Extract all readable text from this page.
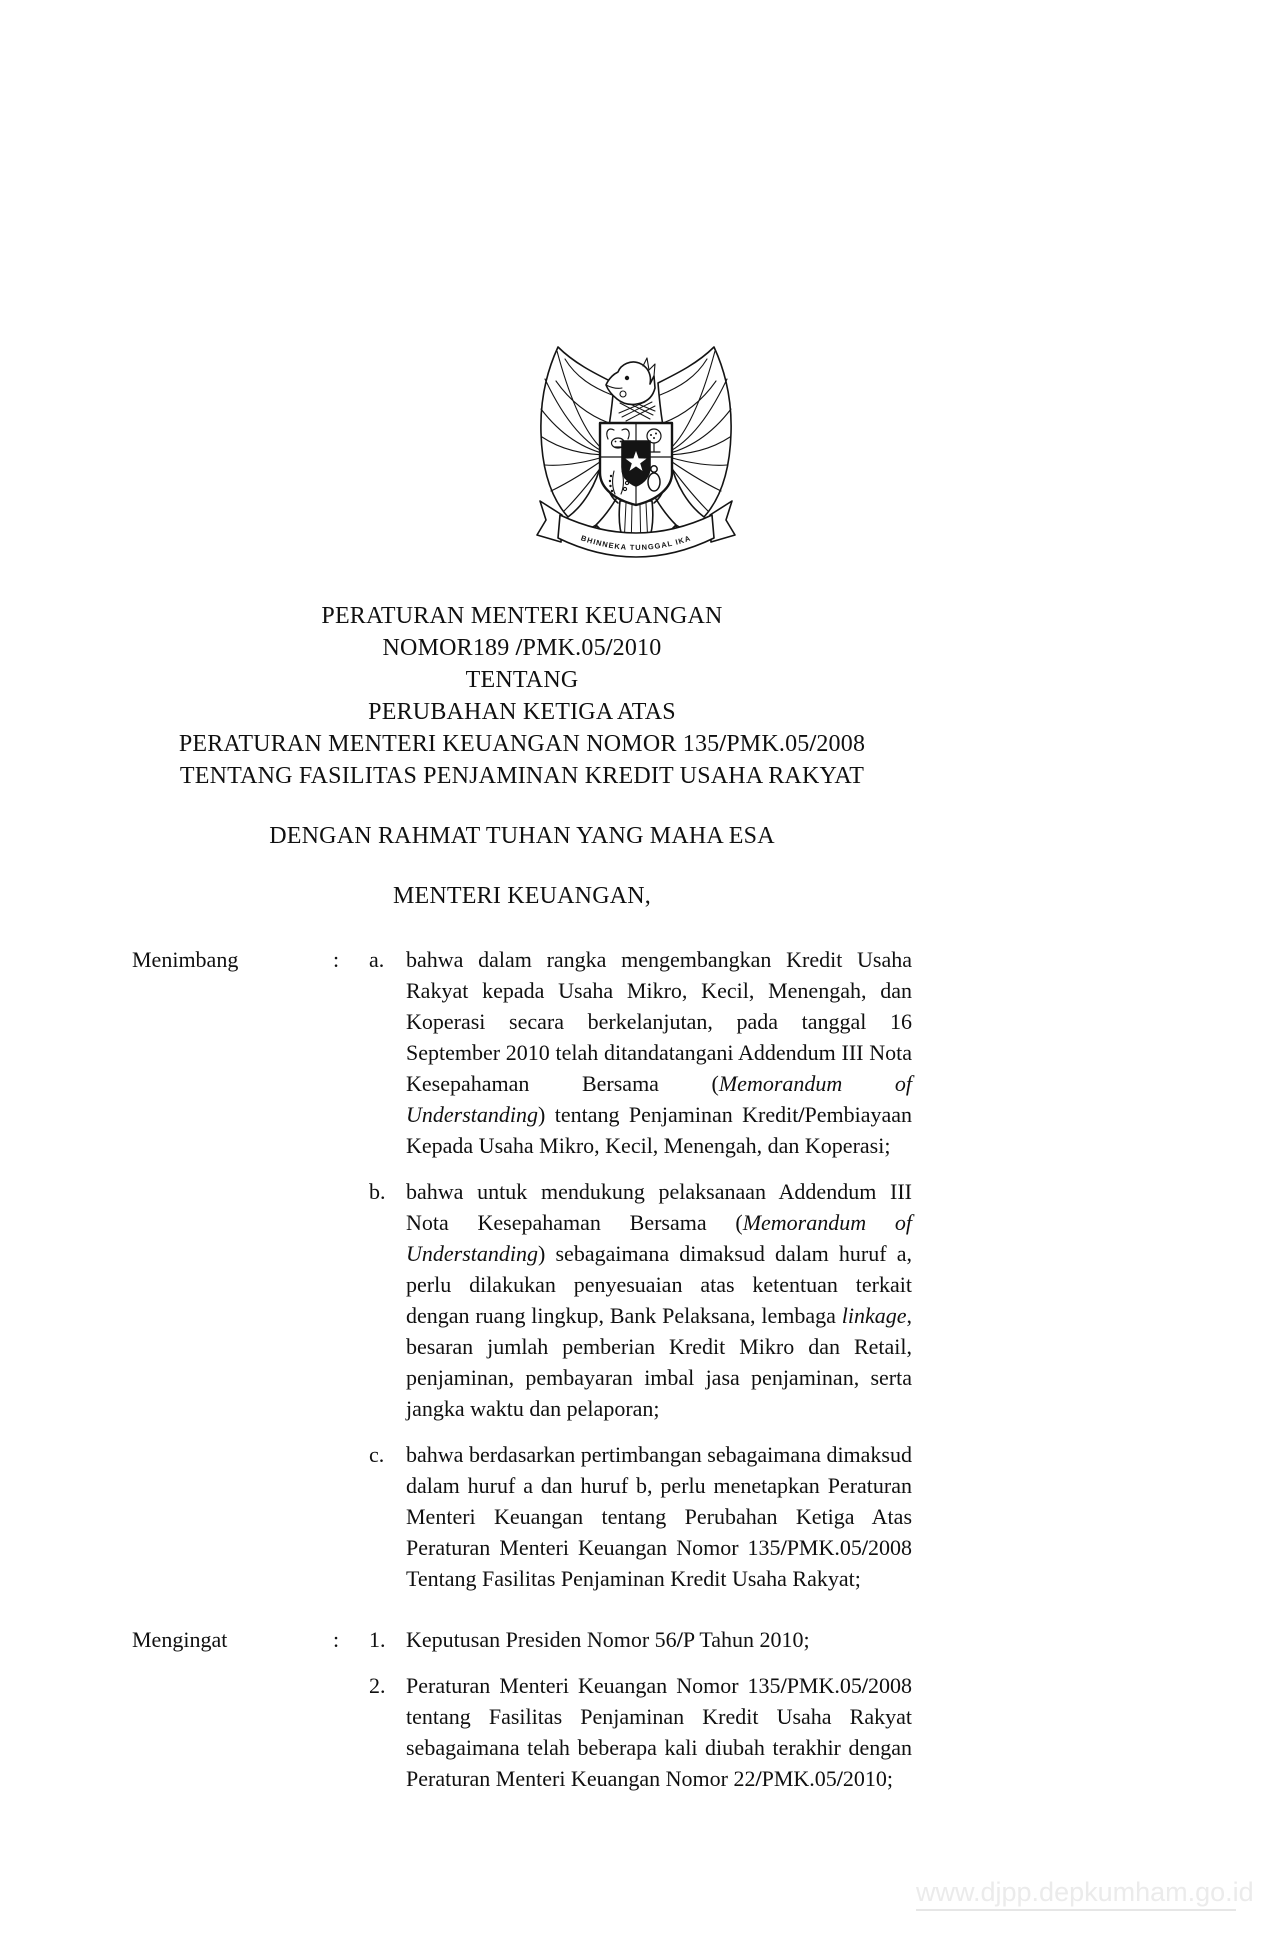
BHINNEKA TUNGGAL IKA
PERATURAN MENTERI KEUANGAN
NOMOR189 /PMK.05/2010
TENTANG
PERUBAHAN KETIGA ATAS
PERATURAN MENTERI KEUANGAN NOMOR 135/PMK.05/2008
TENTANG FASILITAS PENJAMINAN KREDIT USAHA RAKYAT
DENGAN RAHMAT TUHAN YANG MAHA ESA
MENTERI KEUANGAN,
Menimbang	:	a. bahwa dalam rangka mengembangkan Kredit Usaha Rakyat kepada Usaha Mikro, Kecil, Menengah, dan Koperasi secara berkelanjutan, pada tanggal 16 September 2010 telah ditandatangani Addendum III Nota Kesepahaman Bersama (Memorandum of Understanding) tentang Penjaminan Kredit/Pembiayaan Kepada Usaha Mikro, Kecil, Menengah, dan Koperasi;
b. bahwa untuk mendukung pelaksanaan Addendum III Nota Kesepahaman Bersama (Memorandum of Understanding) sebagaimana dimaksud dalam huruf a, perlu dilakukan penyesuaian atas ketentuan terkait dengan ruang lingkup, Bank Pelaksana, lembaga linkage, besaran jumlah pemberian Kredit Mikro dan Retail, penjaminan, pembayaran imbal jasa penjaminan, serta jangka waktu dan pelaporan;
c. bahwa berdasarkan pertimbangan sebagaimana dimaksud dalam huruf a dan huruf b, perlu menetapkan Peraturan Menteri Keuangan tentang Perubahan Ketiga Atas Peraturan Menteri Keuangan Nomor 135/PMK.05/2008 Tentang Fasilitas Penjaminan Kredit Usaha Rakyat;
Mengingat	:	1. Keputusan Presiden Nomor 56/P Tahun 2010;
2. Peraturan Menteri Keuangan Nomor 135/PMK.05/2008 tentang Fasilitas Penjaminan Kredit Usaha Rakyat sebagaimana telah beberapa kali diubah terakhir dengan Peraturan Menteri Keuangan Nomor 22/PMK.05/2010;
www.djpp.depkumham.go.id
